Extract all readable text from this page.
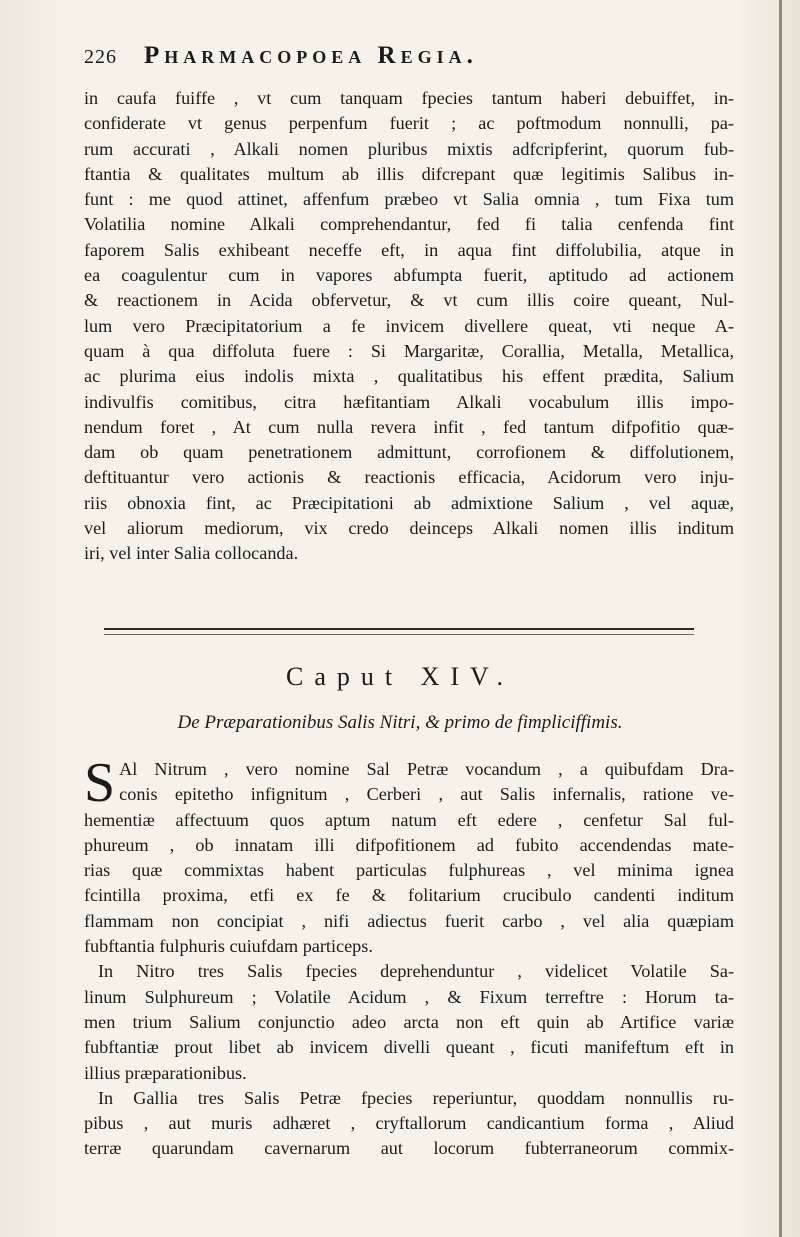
226 Pharmacopoea Regia.
in caufa fuiffe , vt cum tanquam fpecies tantum haberi debuiffet, in-
confiderate vt genus perpenfum fuerit ; ac poftmodum nonnulli, pa-
rum accurati , Alkali nomen pluribus mixtis adfcripferint, quorum fub-
ftantia & qualitates multum ab illis difcrepant quæ legitimis Salibus in-
funt : me quod attinet, affenfum præbeo vt Salia omnia , tum Fixa tum
Volatilia nomine Alkali comprehendantur, fed fi talia cenfenda fint
faporem Salis exhibeant neceffe eft, in aqua fint diffolubilia, atque in
ea coagulentur cum in vapores abfumpta fuerit, aptitudo ad actionem
& reactionem in Acida obfervetur, & vt cum illis coire queant, Nul-
lum vero Præcipitatorium a fe invicem divellere queat, vti neque A-
quam à qua diffoluta fuere : Si Margaritæ, Corallia, Metalla, Metallica,
ac plurima eius indolis mixta , qualitatibus his effent prædita, Salium
indivulfis comitibus, citra hæfitantiam Alkali vocabulum illis impo-
nendum foret , At cum nulla revera infit , fed tantum difpofitio quæ-
dam ob quam penetrationem admittunt, corrofionem & diffolutionem,
deftituantur vero actionis & reactionis efficacia, Acidorum vero inju-
riis obnoxia fint, ac Præcipitationi ab admixtione Salium , vel aquæ,
vel aliorum mediorum, vix credo deinceps Alkali nomen illis inditum
iri, vel inter Salia collocanda.
Caput XIV.
De Præparationibus Salis Nitri, & primo de fimpliciffimis.
S Al Nitrum , vero nomine Sal Petræ vocandum , a quibufdam Dra-
conis epitetho infignitum , Cerberi , aut Salis infernalis, ratione ve-
hementiæ affectuum quos aptum natum eft edere , cenfetur Sal ful-
phureum , ob innatam illi difpofitionem ad fubito accendendas mate-
rias quæ commixtas habent particulas fulphureas , vel minima ignea
fcintilla proxima, etfi ex fe & folitarium crucibulo candenti inditum
flammam non concipiat , nifi adiectus fuerit carbo , vel alia quæpiam
fubftantia fulphuris cuiufdam particeps.
In Nitro tres Salis fpecies deprehenduntur , videlicet Volatile Sa-
linum Sulphureum ; Volatile Acidum , & Fixum terreftre : Horum ta-
men trium Salium conjunctio adeo arcta non eft quin ab Artifice variæ
fubftantiæ prout libet ab invicem divelli queant , ficuti manifeftum eft in
illius præparationibus.
In Gallia tres Salis Petræ fpecies reperiuntur, quoddam nonnullis ru-
pibus , aut muris adhæret , cryftallorum candicantium forma , Aliud
terræ quarundam cavernarum aut locorum fubterraneorum commix-
